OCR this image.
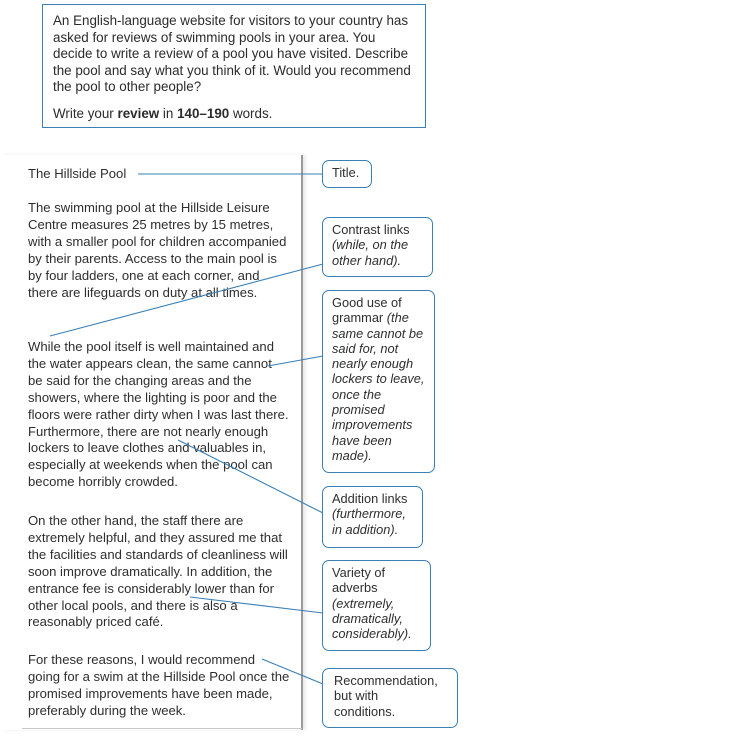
An English-language website for visitors to your country has asked for reviews of swimming pools in your area. You decide to write a review of a pool you have visited. Describe the pool and say what you think of it. Would you recommend the pool to other people?

Write your review in 140–190 words.

The Hillside Pool

The swimming pool at the Hillside Leisure Centre measures 25 metres by 15 metres, with a smaller pool for children accompanied by their parents. Access to the main pool is by four ladders, one at each corner, and there are lifeguards on duty at all times.

While the pool itself is well maintained and the water appears clean, the same cannot be said for the changing areas and the showers, where the lighting is poor and the floors were rather dirty when I was last there. Furthermore, there are not nearly enough lockers to leave clothes and valuables in, especially at weekends when the pool can become horribly crowded.

On the other hand, the staff there are extremely helpful, and they assured me that the facilities and standards of cleanliness will soon improve dramatically. In addition, the entrance fee is considerably lower than for other local pools, and there is also a reasonably priced café.

For these reasons, I would recommend going for a swim at the Hillside Pool once the promised improvements have been made, preferably during the week.

Title.
Contrast links
(while, on the other hand).
Good use of grammar (the same cannot be said for, not nearly enough lockers to leave, once the promised improvements have been made).
Addition links
(furthermore, in addition).
Variety of adverbs (extremely, dramatically, considerably).
Recommendation, but with conditions.
